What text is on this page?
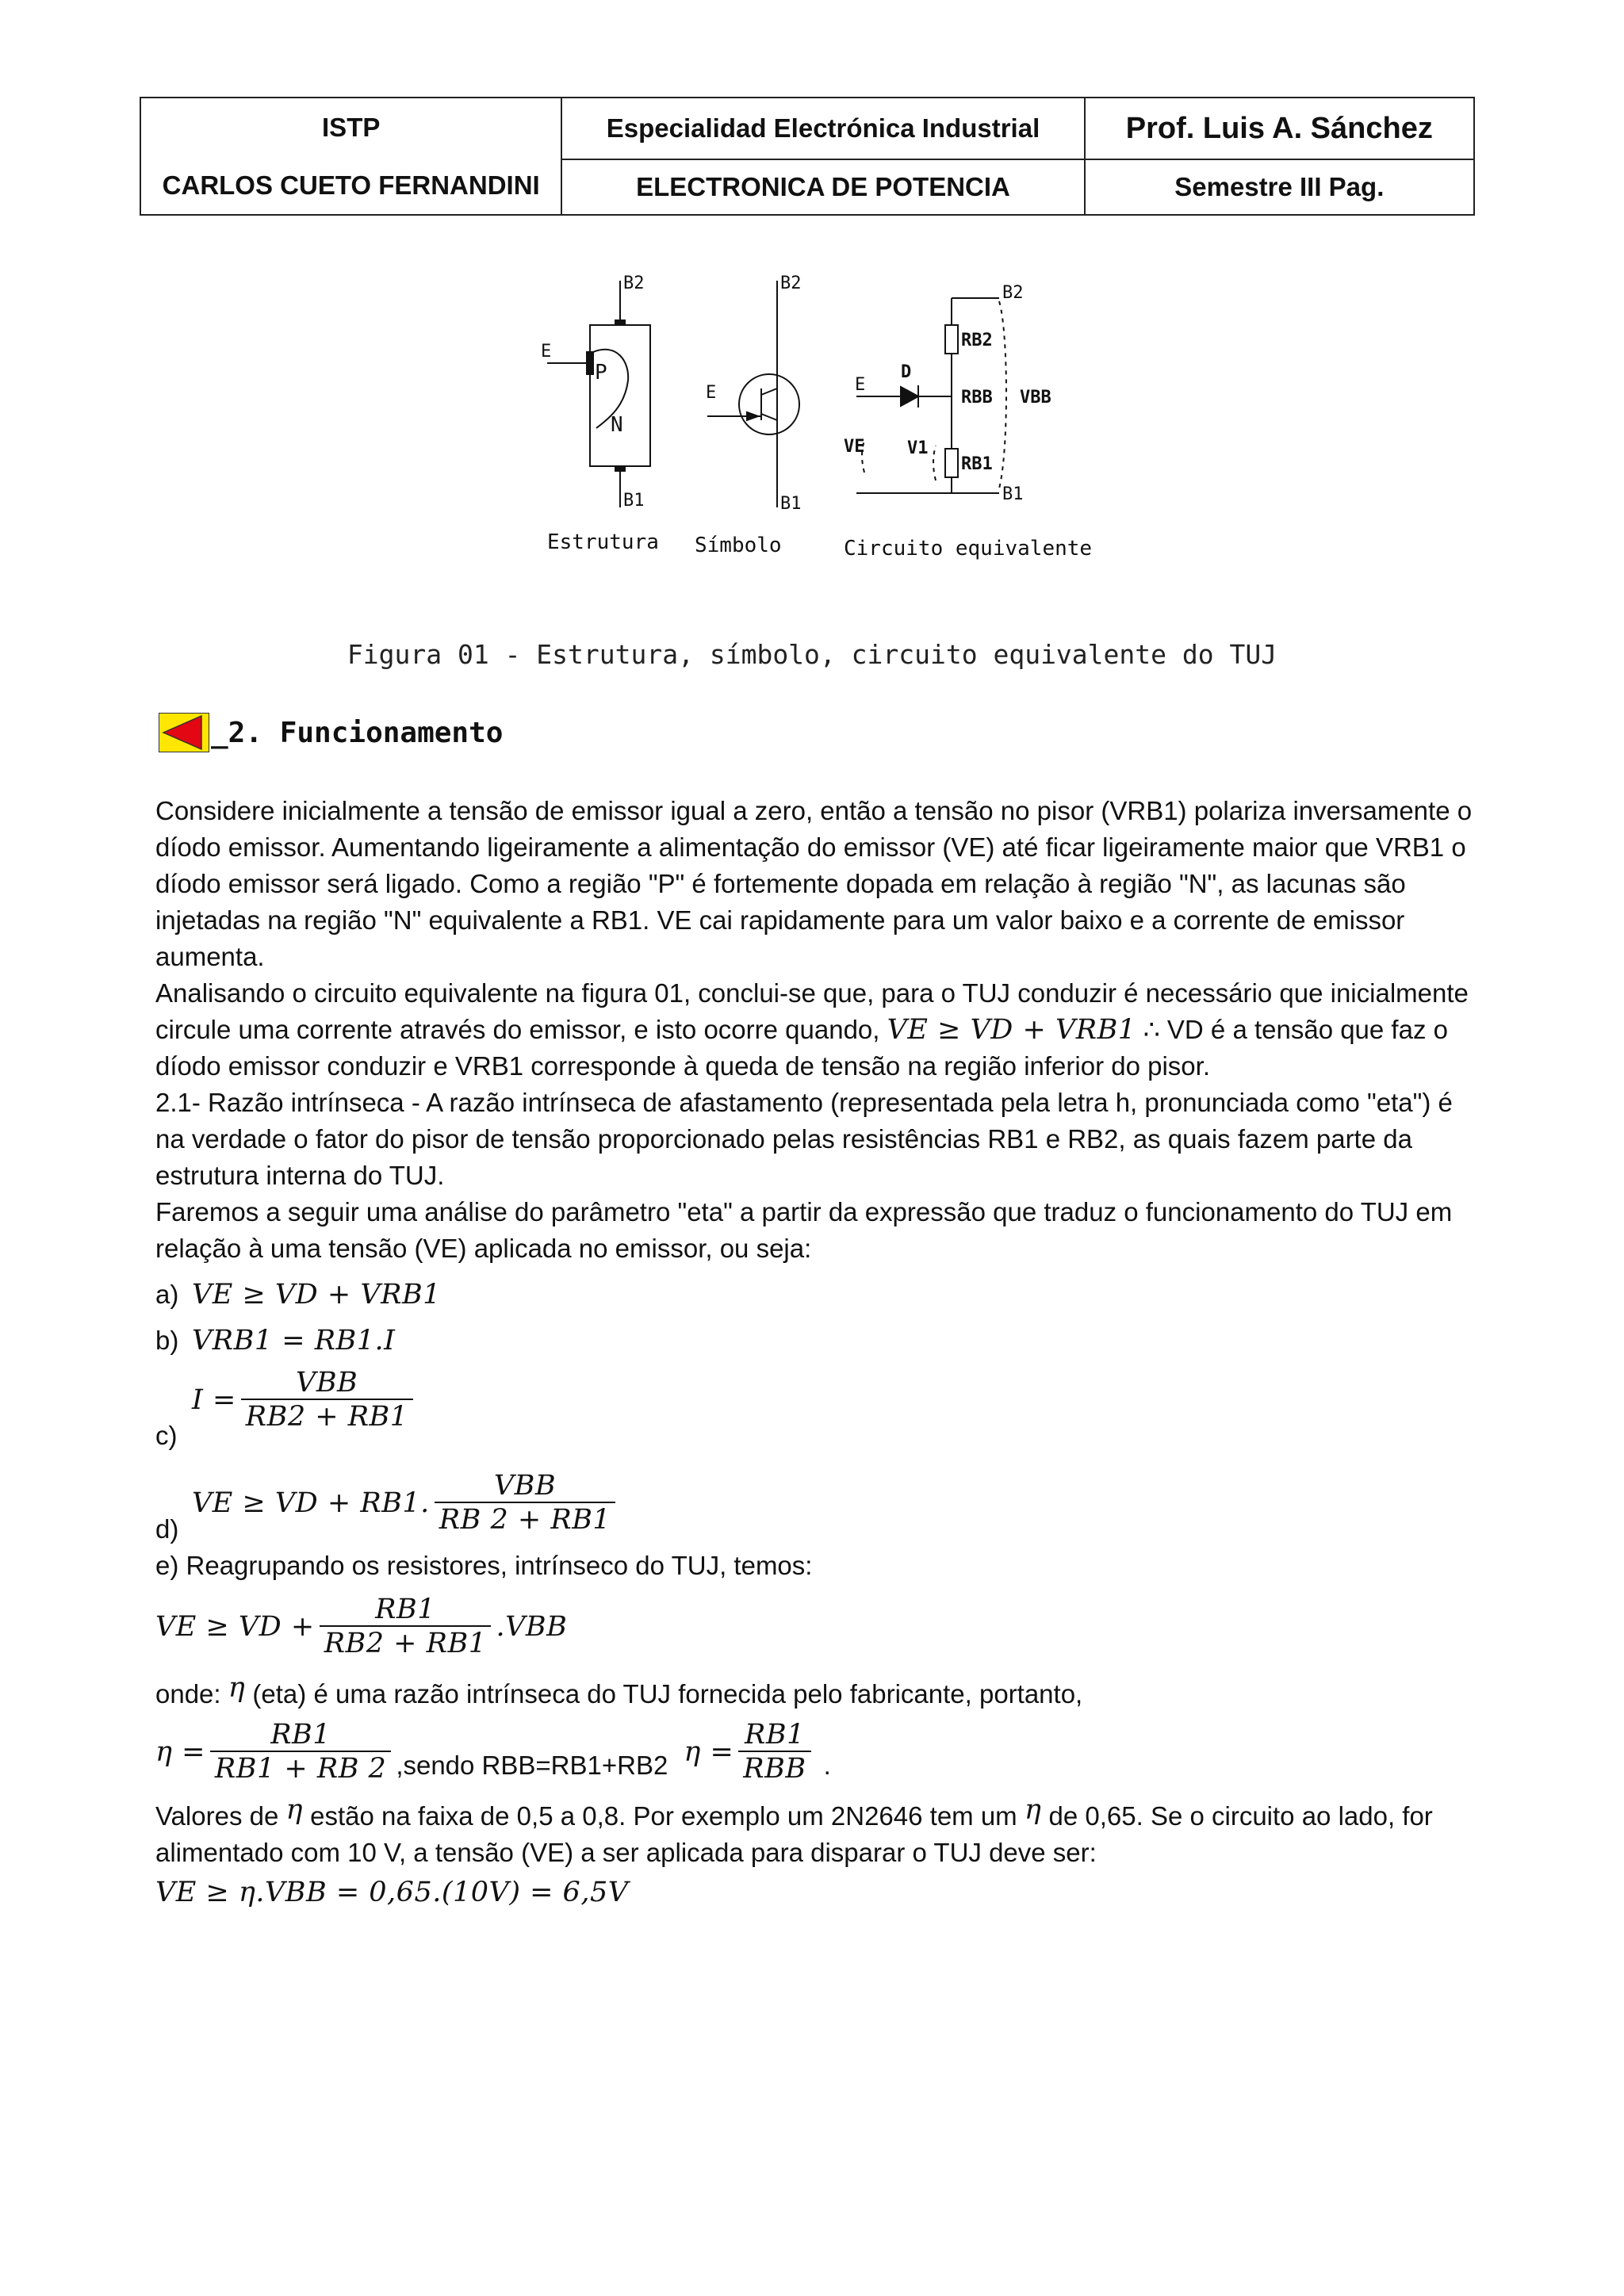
ISTP
CARLOS CUETO FERNANDINI	Especialidad Electrónica Industrial	Prof. Luis A. Sánchez
	ELECTRONICA DE POTENCIA	Semestre III Pag.
B2
B1
E
P
N
B2
B1
E
B2
B1
RB2
RBB
RB1
VBB
D
E
VE V1
Estrutura Símbolo	Circuito equivalente
Figura 01 - Estrutura, símbolo, circuito equivalente do TUJ
_2. Funcionamento

Considere inicialmente a tensão de emissor igual a zero, então a tensão no pisor (VRB1) polariza inversamente o díodo emissor. Aumentando ligeiramente a alimentação do emissor (VE) até ficar ligeiramente maior que VRB1 o díodo emissor será ligado. Como a região "P" é fortemente dopada em relação à região "N", as lacunas são injetadas na região "N" equivalente a RB1. VE cai rapidamente para um valor baixo e a corrente de emissor aumenta.

Analisando o circuito equivalente na figura 01, conclui-se que, para o TUJ conduzir é necessário que inicialmente circule uma corrente através do emissor, e isto ocorre quando, VE ≥ VD + VRB1 ∴ VD é a tensão que faz o díodo emissor conduzir e VRB1 corresponde à queda de tensão na região inferior do pisor.

2.1- Razão intrínseca - A razão intrínseca de afastamento (representada pela letra h, pronunciada como "eta") é na verdade o fator do pisor de tensão proporcionado pelas resistências RB1 e RB2, as quais fazem parte da estrutura interna do TUJ.

Faremos a seguir uma análise do parâmetro "eta" a partir da expressão que traduz o funcionamento do TUJ em relação à uma tensão (VE) aplicada no emissor, ou seja:

a) VE ≥ VD + VRB1
b) VRB1 = RB1.I
c)
$I = \frac{\text{VBB}}{RB2 + RB1}$
d)
VE ≥ VD + RB1. $\frac{\text{VBB}}{RB 2 + RB1}$

e) Reagrupando os resistores, intrínseco do TUJ, temos:

VE ≥ VD + $\frac{RB1}{RB2 + RB1} .VBB$

onde: η (eta) é uma razão intrínseca do TUJ fornecida pelo fabricante, portanto,

$\eta = \frac{RB1}{RB1 + RB 2}$ ,sendo RBB=RB1+RB2 $\eta = \frac{RB1}{\text{RBB}}$ .

Valores de η estão na faixa de 0,5 a 0,8. Por exemplo um 2N2646 tem um η de 0,65. Se o circuito ao lado, for alimentado com 10 V, a tensão (VE) a ser aplicada para disparar o TUJ deve ser:

VE ≥ η.VBB = 0,65.(10V) = 6,5V
